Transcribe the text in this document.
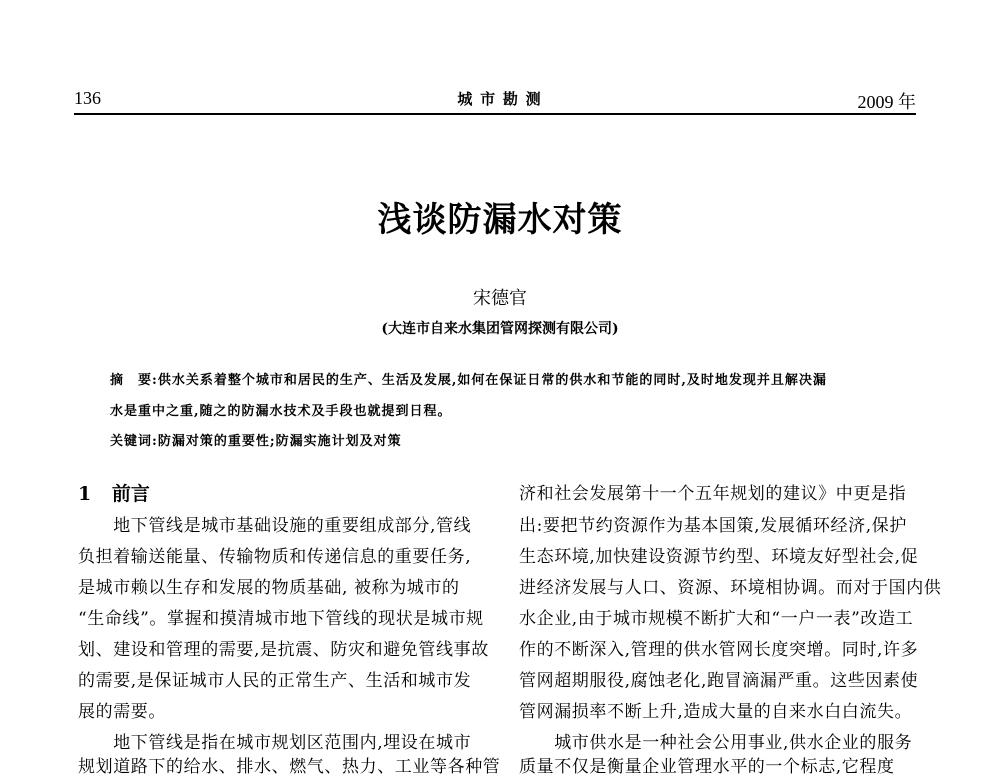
136	城 市 勘 测	2009 年
浅谈防漏水对策
宋德官
(大连市自来水集团管网探测有限公司)
摘　要:供水关系着整个城市和居民的生产、生活及发展,如何在保证日常的供水和节能的同时,及时地发现并且解决漏
水是重中之重,随之的防漏水技术及手段也就提到日程。
关键词:防漏对策的重要性;防漏实施计划及对策
1 前言
　　地下管线是城市基础设施的重要组成部分,管线
负担着输送能量、传输物质和传递信息的重要任务,
是城市赖以生存和发展的物质基础, 被称为城市的
“生命线”。掌握和摸清城市地下管线的现状是城市规
划、建设和管理的需要,是抗震、防灾和避免管线事故
的需要,是保证城市人民的正常生产、生活和城市发
展的需要。
　　地下管线是指在城市规划区范围内,埋设在城市
规划道路下的给水、排水、燃气、热力、工业等各种管
济和社会发展第十一个五年规划的建议》中更是指
出:要把节约资源作为基本国策,发展循环经济,保护
生态环境,加快建设资源节约型、环境友好型社会,促
进经济发展与人口、资源、环境相协调。而对于国内供
水企业,由于城市规模不断扩大和“一户一表”改造工
作的不断深入,管理的供水管网长度突增。同时,许多
管网超期服役,腐蚀老化,跑冒滴漏严重。这些因素使
管网漏损率不断上升,造成大量的自来水白白流失。
　　城市供水是一种社会公用事业,供水企业的服务
质量不仅是衡量企业管理水平的一个标志,它程度
